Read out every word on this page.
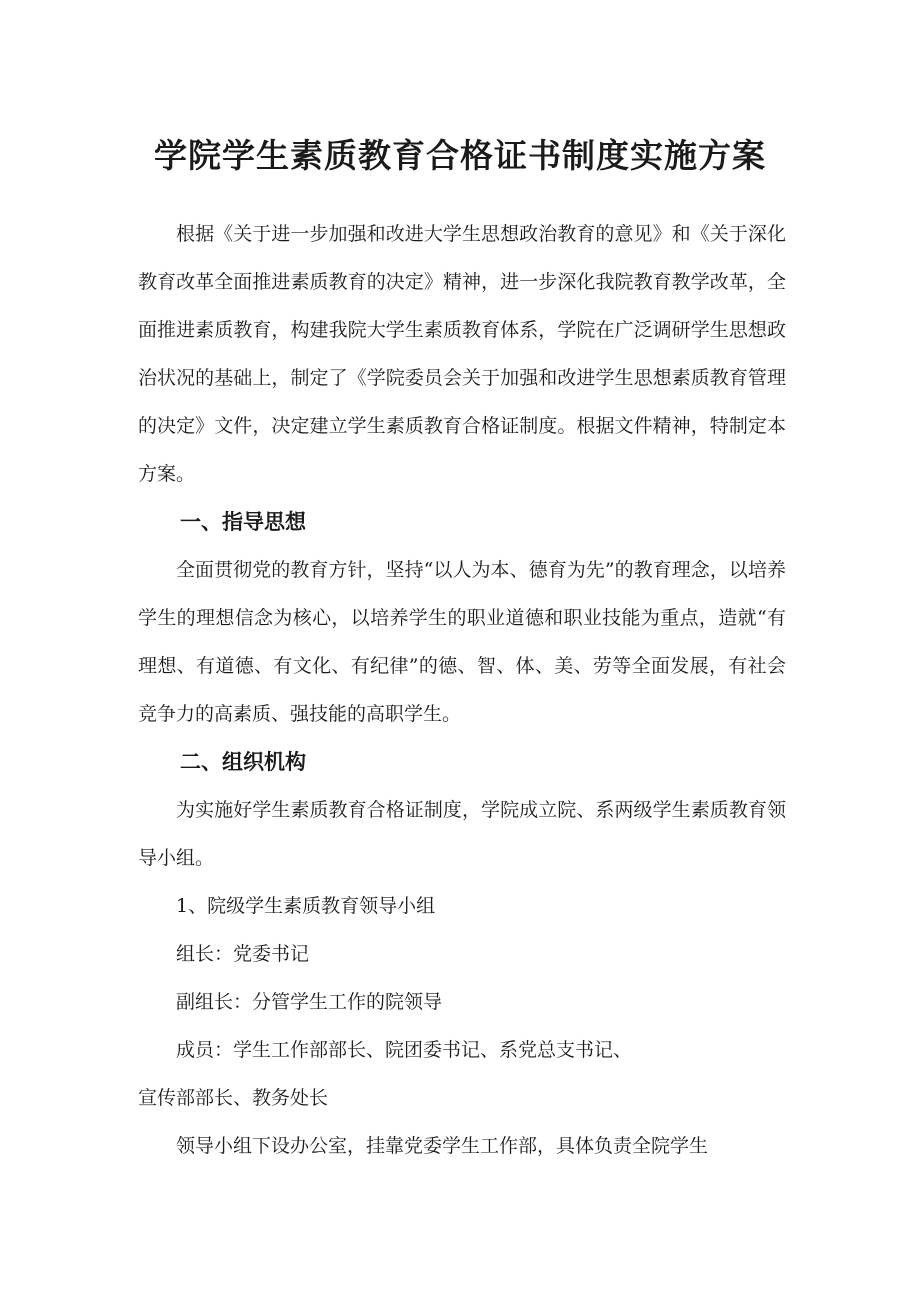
学院学生素质教育合格证书制度实施方案

根据《关于进一步加强和改进大学生思想政治教育的意见》和《关于深化教育改革全面推进素质教育的决定》精神，进一步深化我院教育教学改革，全面推进素质教育，构建我院大学生素质教育体系，学院在广泛调研学生思想政治状况的基础上，制定了《学院委员会关于加强和改进学生思想素质教育管理的决定》文件，决定建立学生素质教育合格证制度。根据文件精神，特制定本方案。

一、指导思想

全面贯彻党的教育方针，坚持“以人为本、德育为先”的教育理念，以培养学生的理想信念为核心，以培养学生的职业道德和职业技能为重点，造就“有理想、有道德、有文化、有纪律”的德、智、体、美、劳等全面发展，有社会竞争力的高素质、强技能的高职学生。

二、组织机构

为实施好学生素质教育合格证制度，学院成立院、系两级学生素质教育领导小组。

1、院级学生素质教育领导小组

组长：党委书记

副组长：分管学生工作的院领导

成员：学生工作部部长、院团委书记、系党总支书记、

宣传部部长、教务处长

领导小组下设办公室，挂靠党委学生工作部，具体负责全院学生
